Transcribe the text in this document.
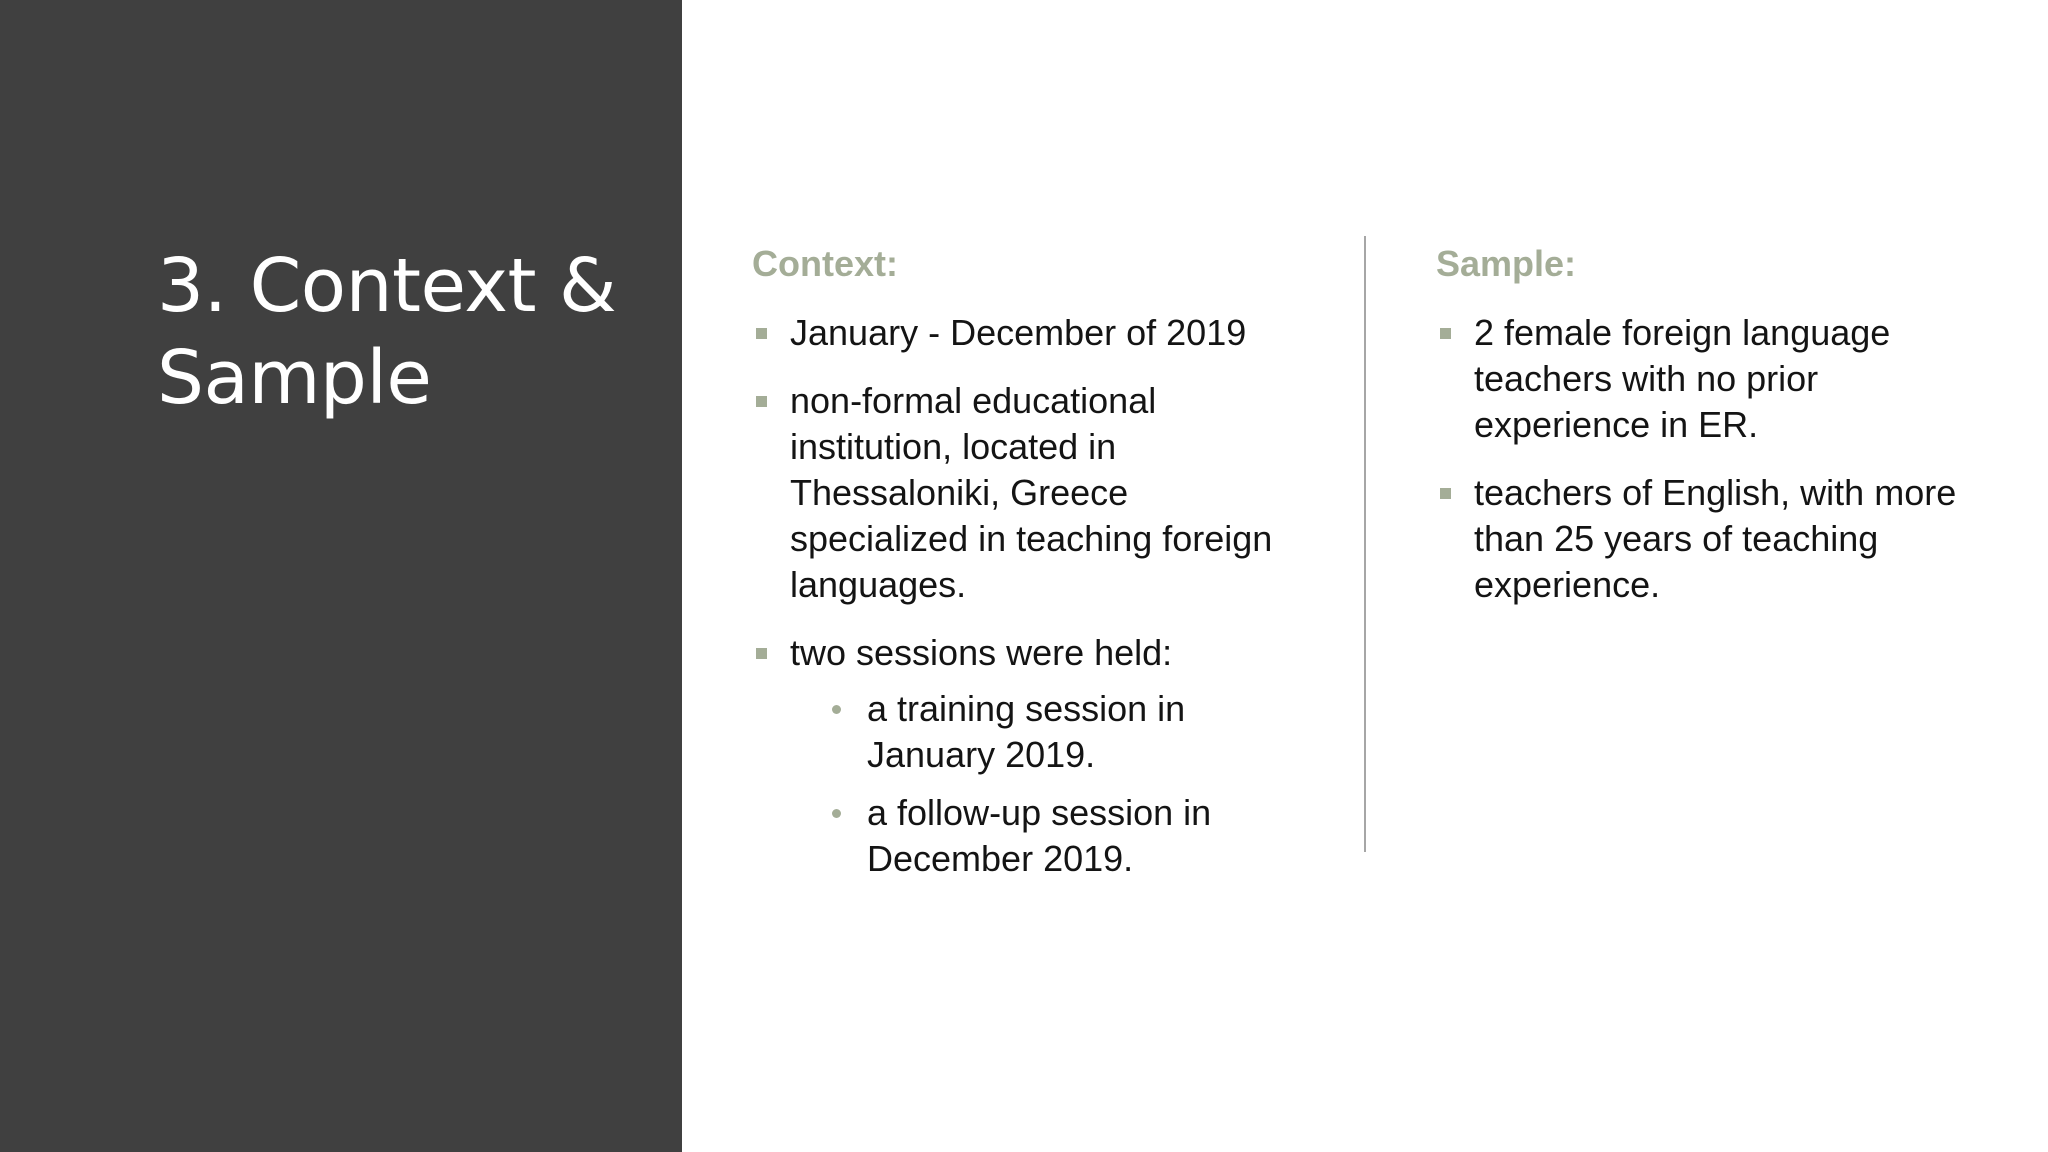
3. Context & Sample
Context:
January - December of 2019
non-formal educational institution, located in Thessaloniki, Greece specialized in teaching foreign languages.
two sessions were held:
a training session in January 2019.
a follow-up session in December 2019.
Sample:
2 female foreign language teachers with no prior experience in ER.
teachers of English, with more than 25 years of teaching experience.
